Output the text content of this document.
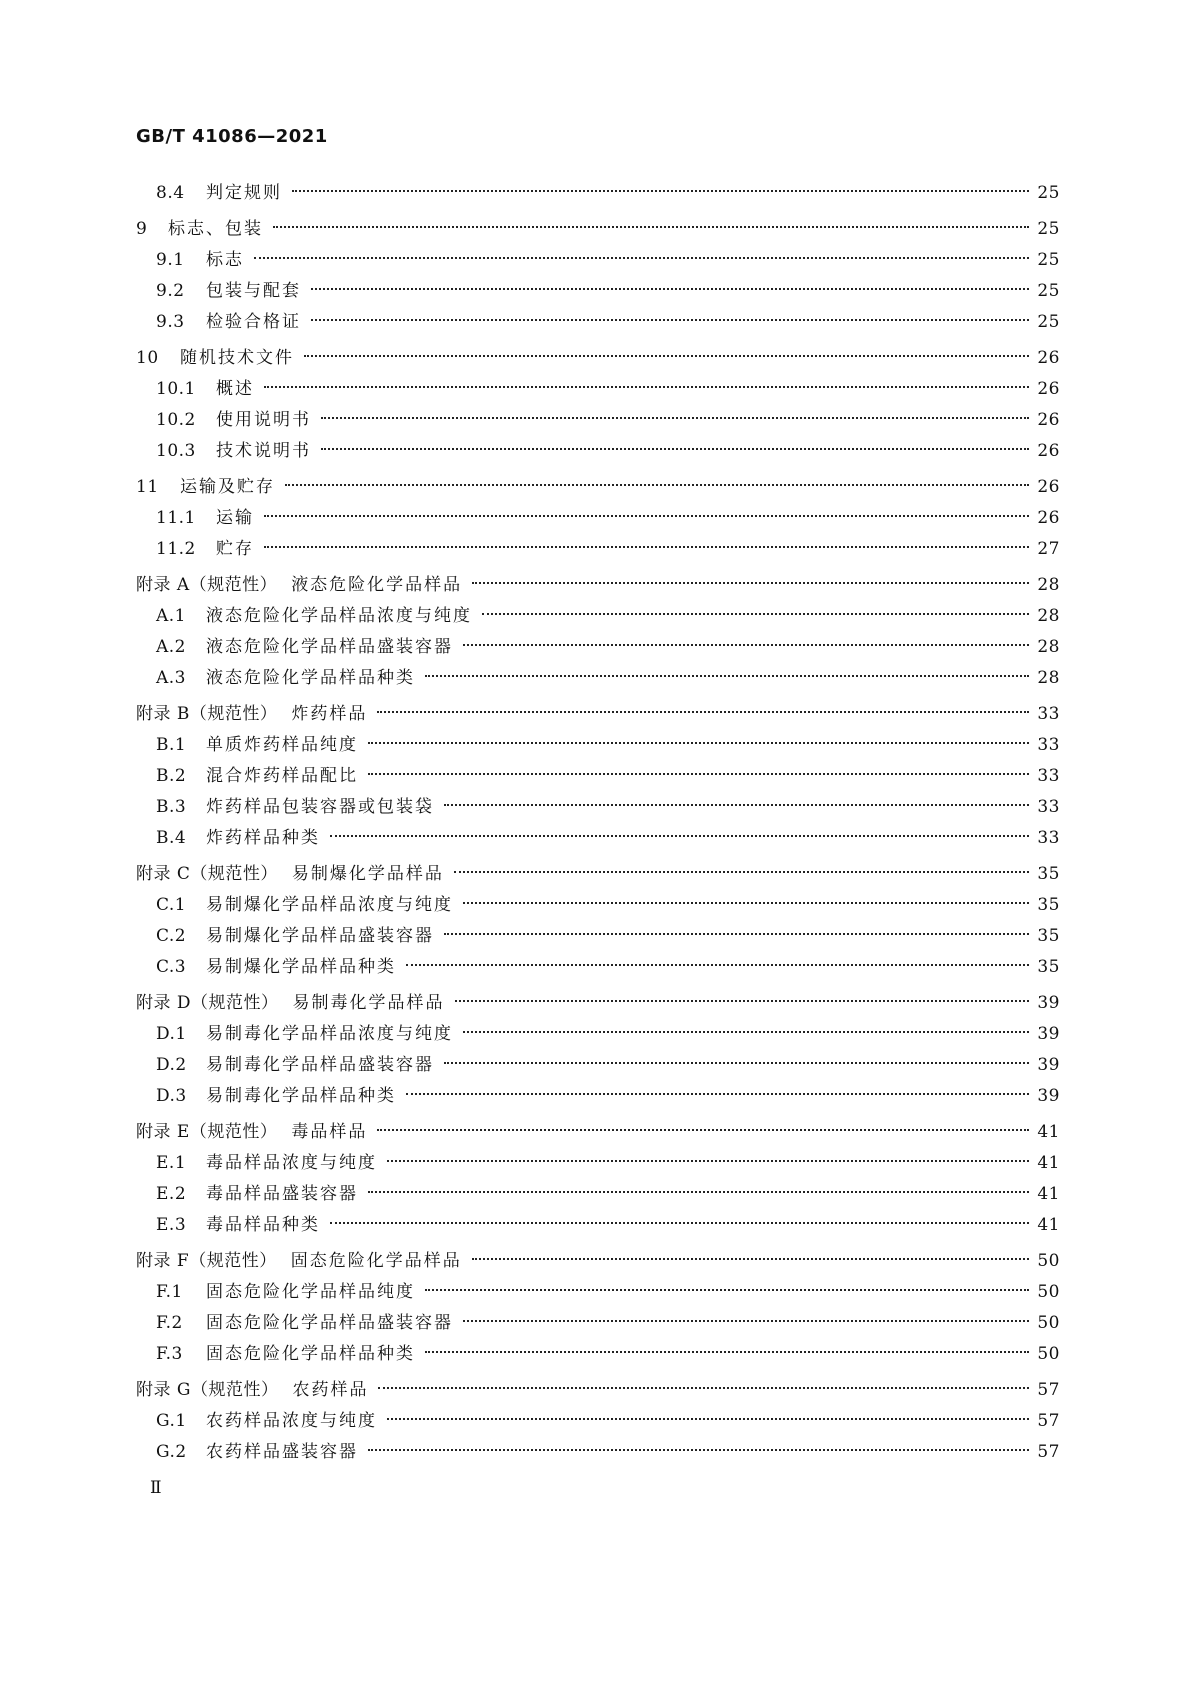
GB/T 41086—2021
8.4	判定规则	25
9	标志、包装	25
9.1	标志	25
9.2	包装与配套	25
9.3	检验合格证	25
10	随机技术文件	26
10.1	概述	26
10.2	使用说明书	26
10.3	技术说明书	26
11	运输及贮存	26
11.1	运输	26
11.2	贮存	27
附录 A（规范性） 液态危险化学品样品	28
A.1	液态危险化学品样品浓度与纯度	28
A.2	液态危险化学品样品盛装容器	28
A.3	液态危险化学品样品种类	28
附录 B（规范性） 炸药样品	33
B.1	单质炸药样品纯度	33
B.2	混合炸药样品配比	33
B.3	炸药样品包装容器或包装袋	33
B.4	炸药样品种类	33
附录 C（规范性） 易制爆化学品样品	35
C.1	易制爆化学品样品浓度与纯度	35
C.2	易制爆化学品样品盛装容器	35
C.3	易制爆化学品样品种类	35
附录 D（规范性） 易制毒化学品样品	39
D.1	易制毒化学品样品浓度与纯度	39
D.2	易制毒化学品样品盛装容器	39
D.3	易制毒化学品样品种类	39
附录 E（规范性） 毒品样品	41
E.1	毒品样品浓度与纯度	41
E.2	毒品样品盛装容器	41
E.3	毒品样品种类	41
附录 F（规范性） 固态危险化学品样品	50
F.1	固态危险化学品样品纯度	50
F.2	固态危险化学品样品盛装容器	50
F.3	固态危险化学品样品种类	50
附录 G（规范性） 农药样品	57
G.1	农药样品浓度与纯度	57
G.2	农药样品盛装容器	57
Ⅱ
